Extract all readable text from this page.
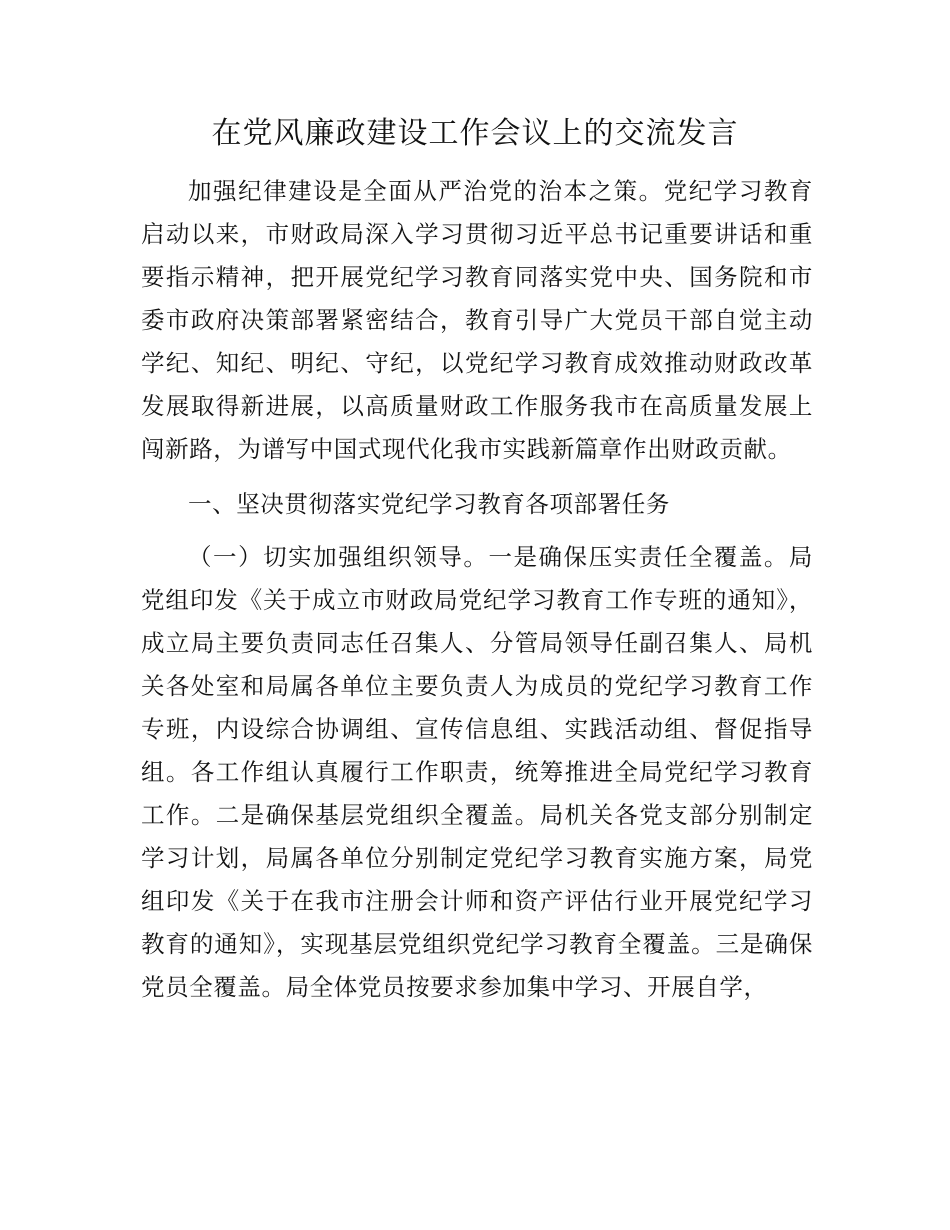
在党风廉政建设工作会议上的交流发言

加强纪律建设是全面从严治党的治本之策。党纪学习教育启动以来，市财政局深入学习贯彻习近平总书记重要讲话和重要指示精神，把开展党纪学习教育同落实党中央、国务院和市委市政府决策部署紧密结合，教育引导广大党员干部自觉主动学纪、知纪、明纪、守纪，以党纪学习教育成效推动财政改革发展取得新进展，以高质量财政工作服务我市在高质量发展上闯新路，为谱写中国式现代化我市实践新篇章作出财政贡献。

一、坚决贯彻落实党纪学习教育各项部署任务

（一）切实加强组织领导。一是确保压实责任全覆盖。局党组印发《关于成立市财政局党纪学习教育工作专班的通知》，成立局主要负责同志任召集人、分管局领导任副召集人、局机关各处室和局属各单位主要负责人为成员的党纪学习教育工作专班，内设综合协调组、宣传信息组、实践活动组、督促指导组。各工作组认真履行工作职责，统筹推进全局党纪学习教育工作。二是确保基层党组织全覆盖。局机关各党支部分别制定学习计划，局属各单位分别制定党纪学习教育实施方案，局党组印发《关于在我市注册会计师和资产评估行业开展党纪学习教育的通知》，实现基层党组织党纪学习教育全覆盖。三是确保党员全覆盖。局全体党员按要求参加集中学习、开展自学，
